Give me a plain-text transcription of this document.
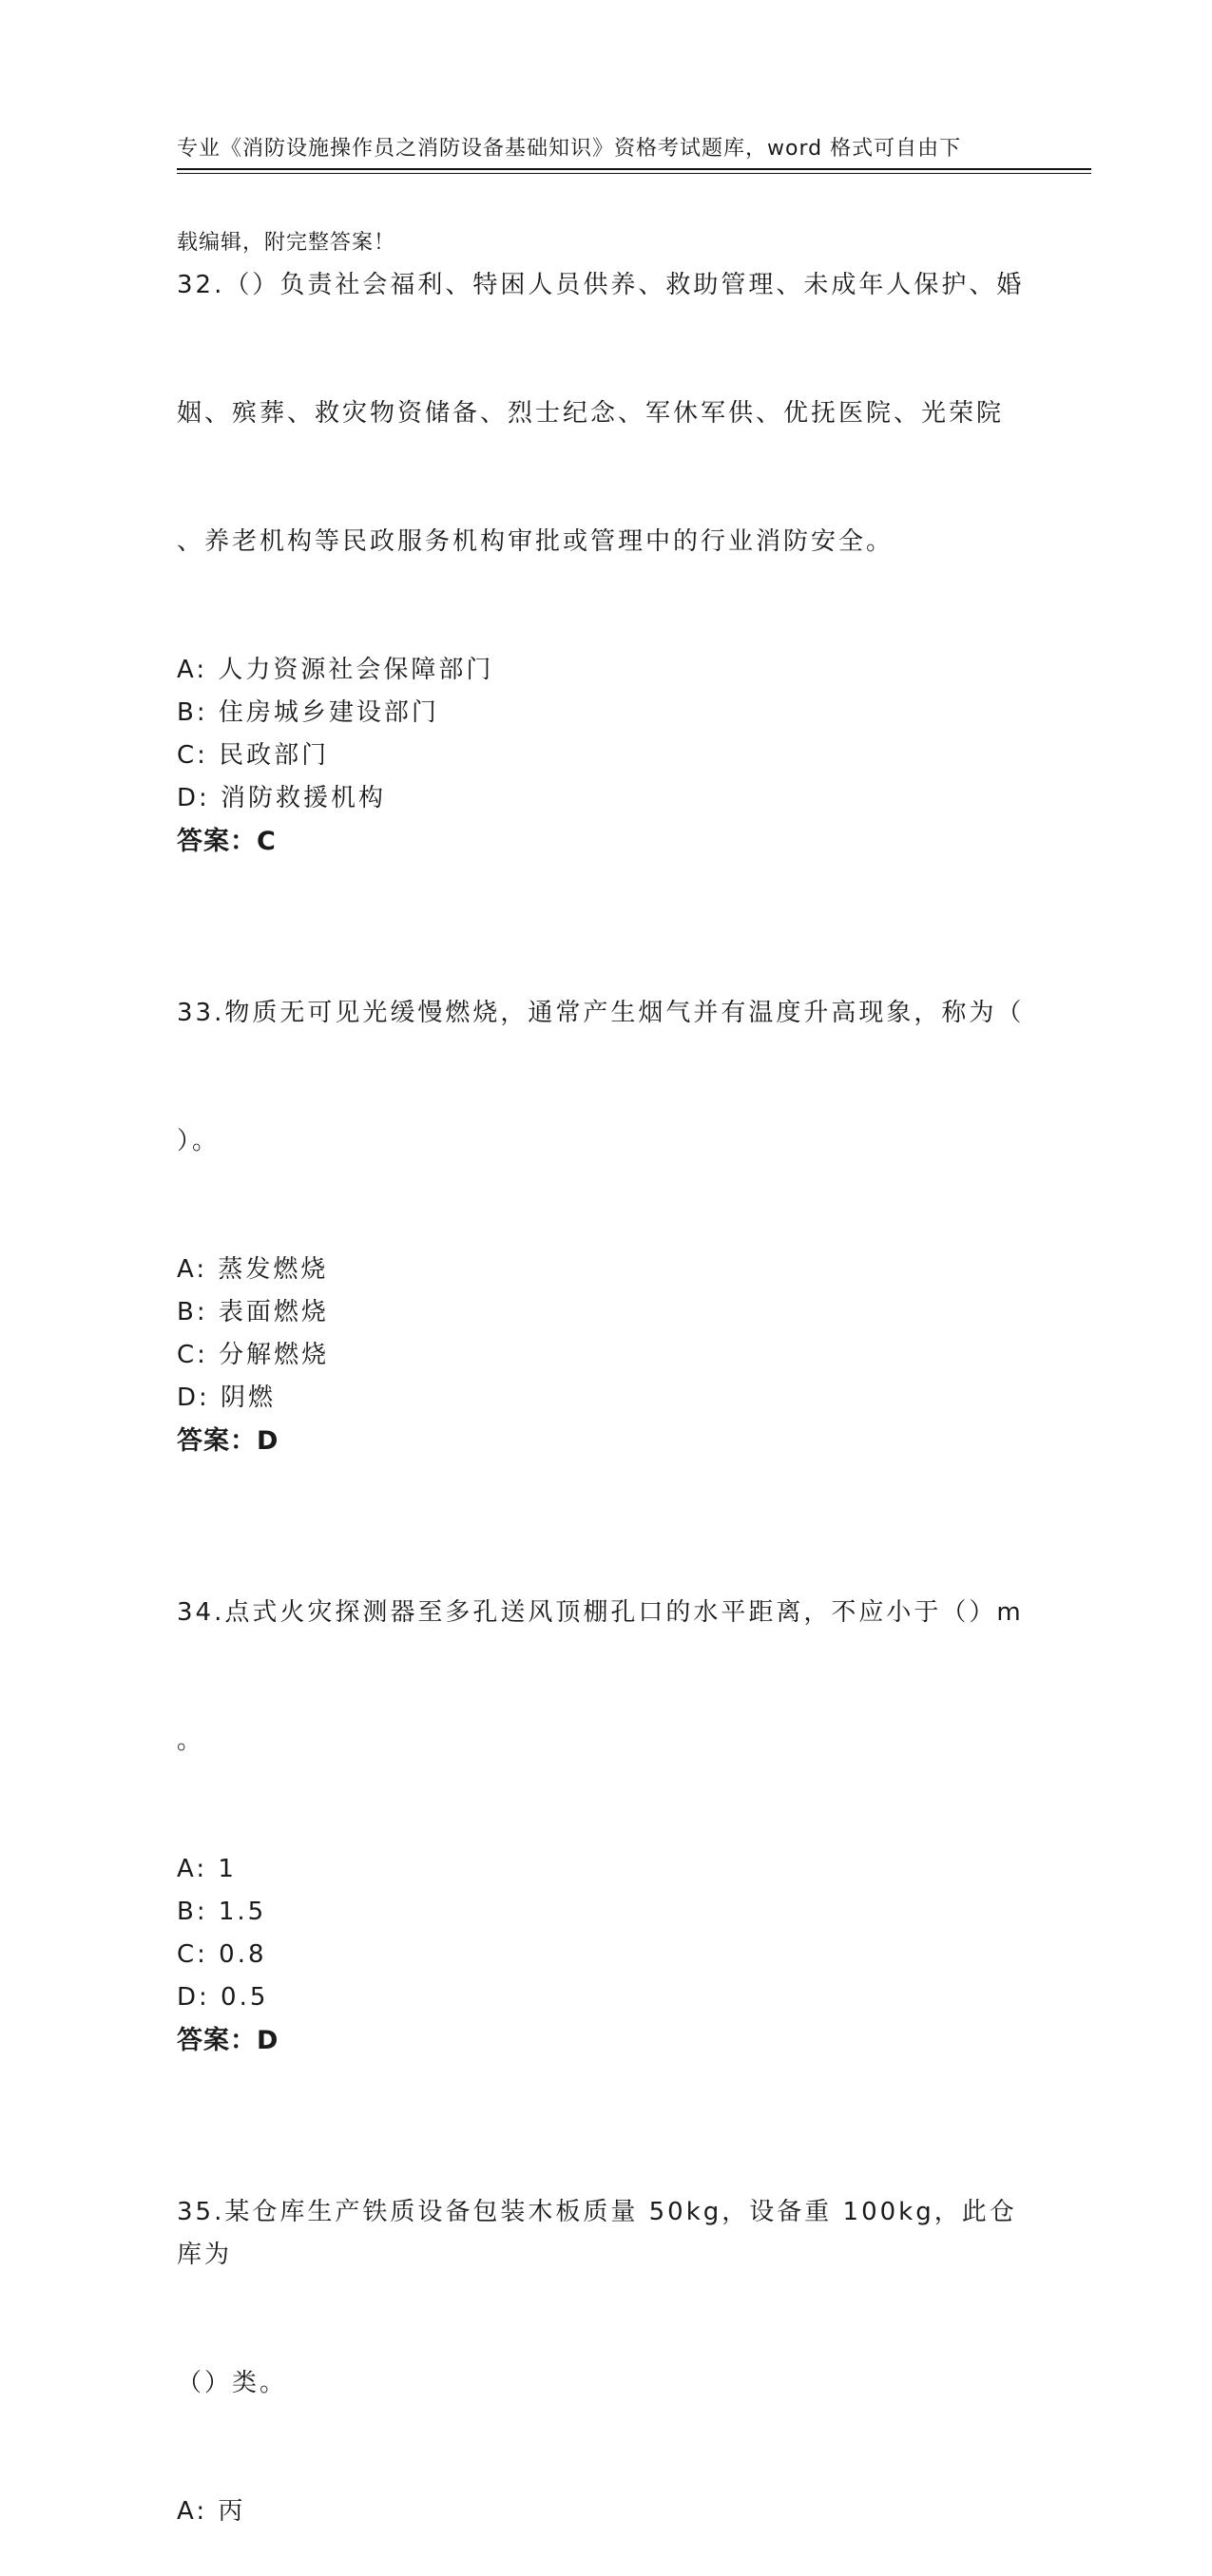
专业《消防设施操作员之消防设备基础知识》资格考试题库，word 格式可自由下

载编辑，附完整答案！

32.（）负责社会福利、特困人员供养、救助管理、未成年人保护、婚

姻、殡葬、救灾物资储备、烈士纪念、军休军供、优抚医院、光荣院

、养老机构等民政服务机构审批或管理中的行业消防安全。

A: 人力资源社会保障部门
B: 住房城乡建设部门
C: 民政部门
D: 消防救援机构
答案：C

33.物质无可见光缓慢燃烧，通常产生烟气并有温度升高现象，称为（

）。

A: 蒸发燃烧
B: 表面燃烧
C: 分解燃烧
D: 阴燃
答案：D

34.点式火灾探测器至多孔送风顶棚孔口的水平距离，不应小于（）m

。

A: 1
B: 1.5
C: 0.8
D: 0.5
答案：D

35.某仓库生产铁质设备包装木板质量 50kg，设备重 100kg，此仓库为

（）类。

A: 丙
